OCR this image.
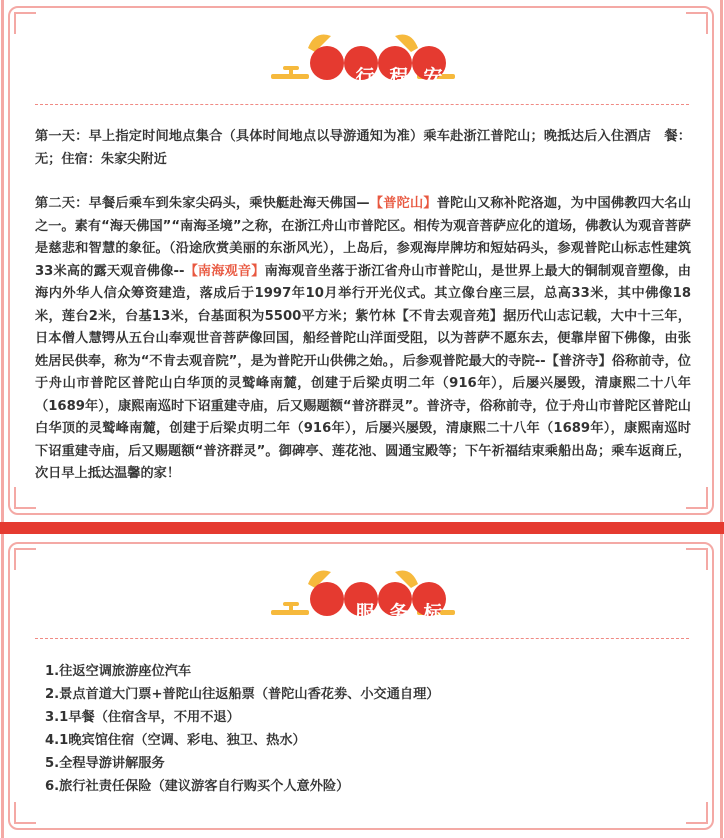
行 程 安 排

第一天：早上指定时间地点集合（具体时间地点以导游通知为准）乘车赴浙江普陀山；晚抵达后入住酒店　餐：无；住宿：朱家尖附近

第二天：早餐后乘车到朱家尖码头，乘快艇赴海天佛国—【普陀山】普陀山又称补陀洛迦，为中国佛教四大名山之一。素有“海天佛国”“南海圣境”之称，在浙江舟山市普陀区。相传为观音菩萨应化的道场，佛教认为观音菩萨是慈悲和智慧的象征。（沿途欣赏美丽的东浙风光），上岛后，参观海岸牌坊和短姑码头，参观普陀山标志性建筑33米高的露天观音佛像--【南海观音】南海观音坐落于浙江省舟山市普陀山，是世界上最大的铜制观音塑像，由海内外华人信众筹资建造，落成后于1997年10月举行开光仪式。其立像台座三层，总高33米，其中佛像18米，莲台2米，台基13米，台基面积为5500平方米；紫竹林【不肯去观音苑】据历代山志记载，大中十三年，日本僧人慧锷从五台山奉观世音菩萨像回国，船经普陀山洋面受阻，以为菩萨不愿东去，便靠岸留下佛像，由张姓居民供奉，称为“不肯去观音院”，是为普陀开山供佛之始。，后参观普陀最大的寺院--【普济寺】俗称前寺，位于舟山市普陀区普陀山白华顶的灵鹫峰南麓，创建于后梁贞明二年（916年），后屡兴屡毁，清康熙二十八年（1689年），康熙南巡时下诏重建寺庙，后又赐题额“普济群灵”。普济寺，俗称前寺，位于舟山市普陀区普陀山白华顶的灵鹫峰南麓，创建于后梁贞明二年（916年），后屡兴屡毁，清康熙二十八年（1689年），康熙南巡时下诏重建寺庙，后又赐题额“普济群灵”。御碑亭、莲花池、圆通宝殿等；下午祈福结束乘船出岛；乘车返商丘，次日早上抵达温馨的家！

服 务 标 准
1.往返空调旅游座位汽车
2.景点首道大门票+普陀山往返船票（普陀山香花劵、小交通自理）
3.1早餐（住宿含早，不用不退）
4.1晚宾馆住宿（空调、彩电、独卫、热水）
5.全程导游讲解服务
6.旅行社责任保险（建议游客自行购买个人意外险）
